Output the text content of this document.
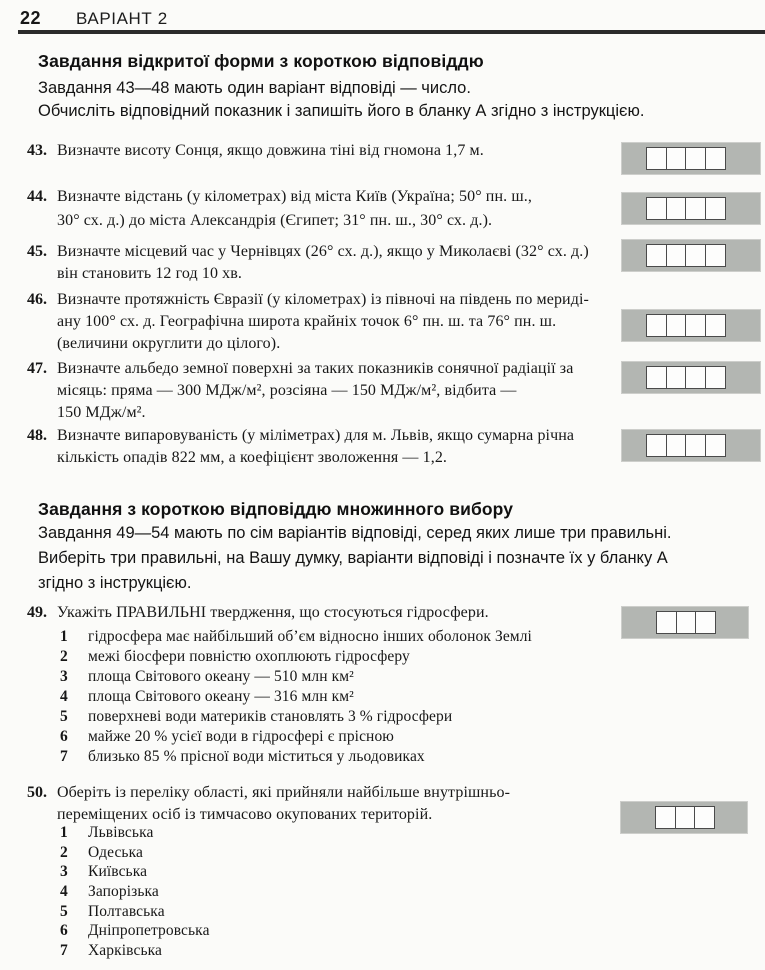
22 ВАРІАНТ 2
Завдання відкритої форми з короткою відповіддю
Завдання 43—48 мають один варіант відповіді — число.
Обчисліть відповідний показник і запишіть його в бланку А згідно з інструкцією.
Завдання з короткою відповіддю множинного вибору
Завдання 49—54 мають по сім варіантів відповіді, серед яких лише три правильні.
Виберіть три правильні, на Вашу думку, варіанти відповіді і позначте їх у бланку А
згідно з інструкцією.
43. Визначте висоту Сонця, якщо довжина тіні від гномона 1,7 м.
44. Визначте відстань (у кілометрах) від міста Київ (Україна; 50° пн. ш.,
30° сх. д.) до міста Александрія (Єгипет; 31° пн. ш., 30° сх. д.).
45. Визначте місцевий час у Чернівцях (26° сх. д.), якщо у Миколаєві (32° сх. д.)
він становить 12 год 10 хв.
46. Визначте протяжність Євразії (у кілометрах) із півночі на південь по мериді-
ану 100° сх. д. Географічна широта крайніх точок 6° пн. ш. та 76° пн. ш.
(величини округлити до цілого).
47. Визначте альбедо земної поверхні за таких показників сонячної радіації за
місяць: пряма — 300 МДж/м², розсіяна — 150 МДж/м², відбита —
150 МДж/м².
48. Визначте випаровуваність (у міліметрах) для м. Львів, якщо сумарна річна
кількість опадів 822 мм, а коефіцієнт зволоження — 1,2.
49. Укажіть ПРАВИЛЬНІ твердження, що стосуються гідросфери.
1 гідросфера має найбільший об’єм відносно інших оболонок Землі
2 межі біосфери повністю охоплюють гідросферу
3 площа Світового океану — 510 млн км²
4 площа Світового океану — 316 млн км²
5 поверхневі води материків становлять 3 % гідросфери
6 майже 20 % усієї води в гідросфері є прісною
7 близько 85 % прісної води міститься у льодовиках
50. Оберіть із переліку області, які прийняли найбільше внутрішньо-
переміщених осіб із тимчасово окупованих територій.
1 Львівська
2 Одеська
3 Київська
4 Запорізька
5 Полтавська
6 Дніпропетровська
7 Харківська
